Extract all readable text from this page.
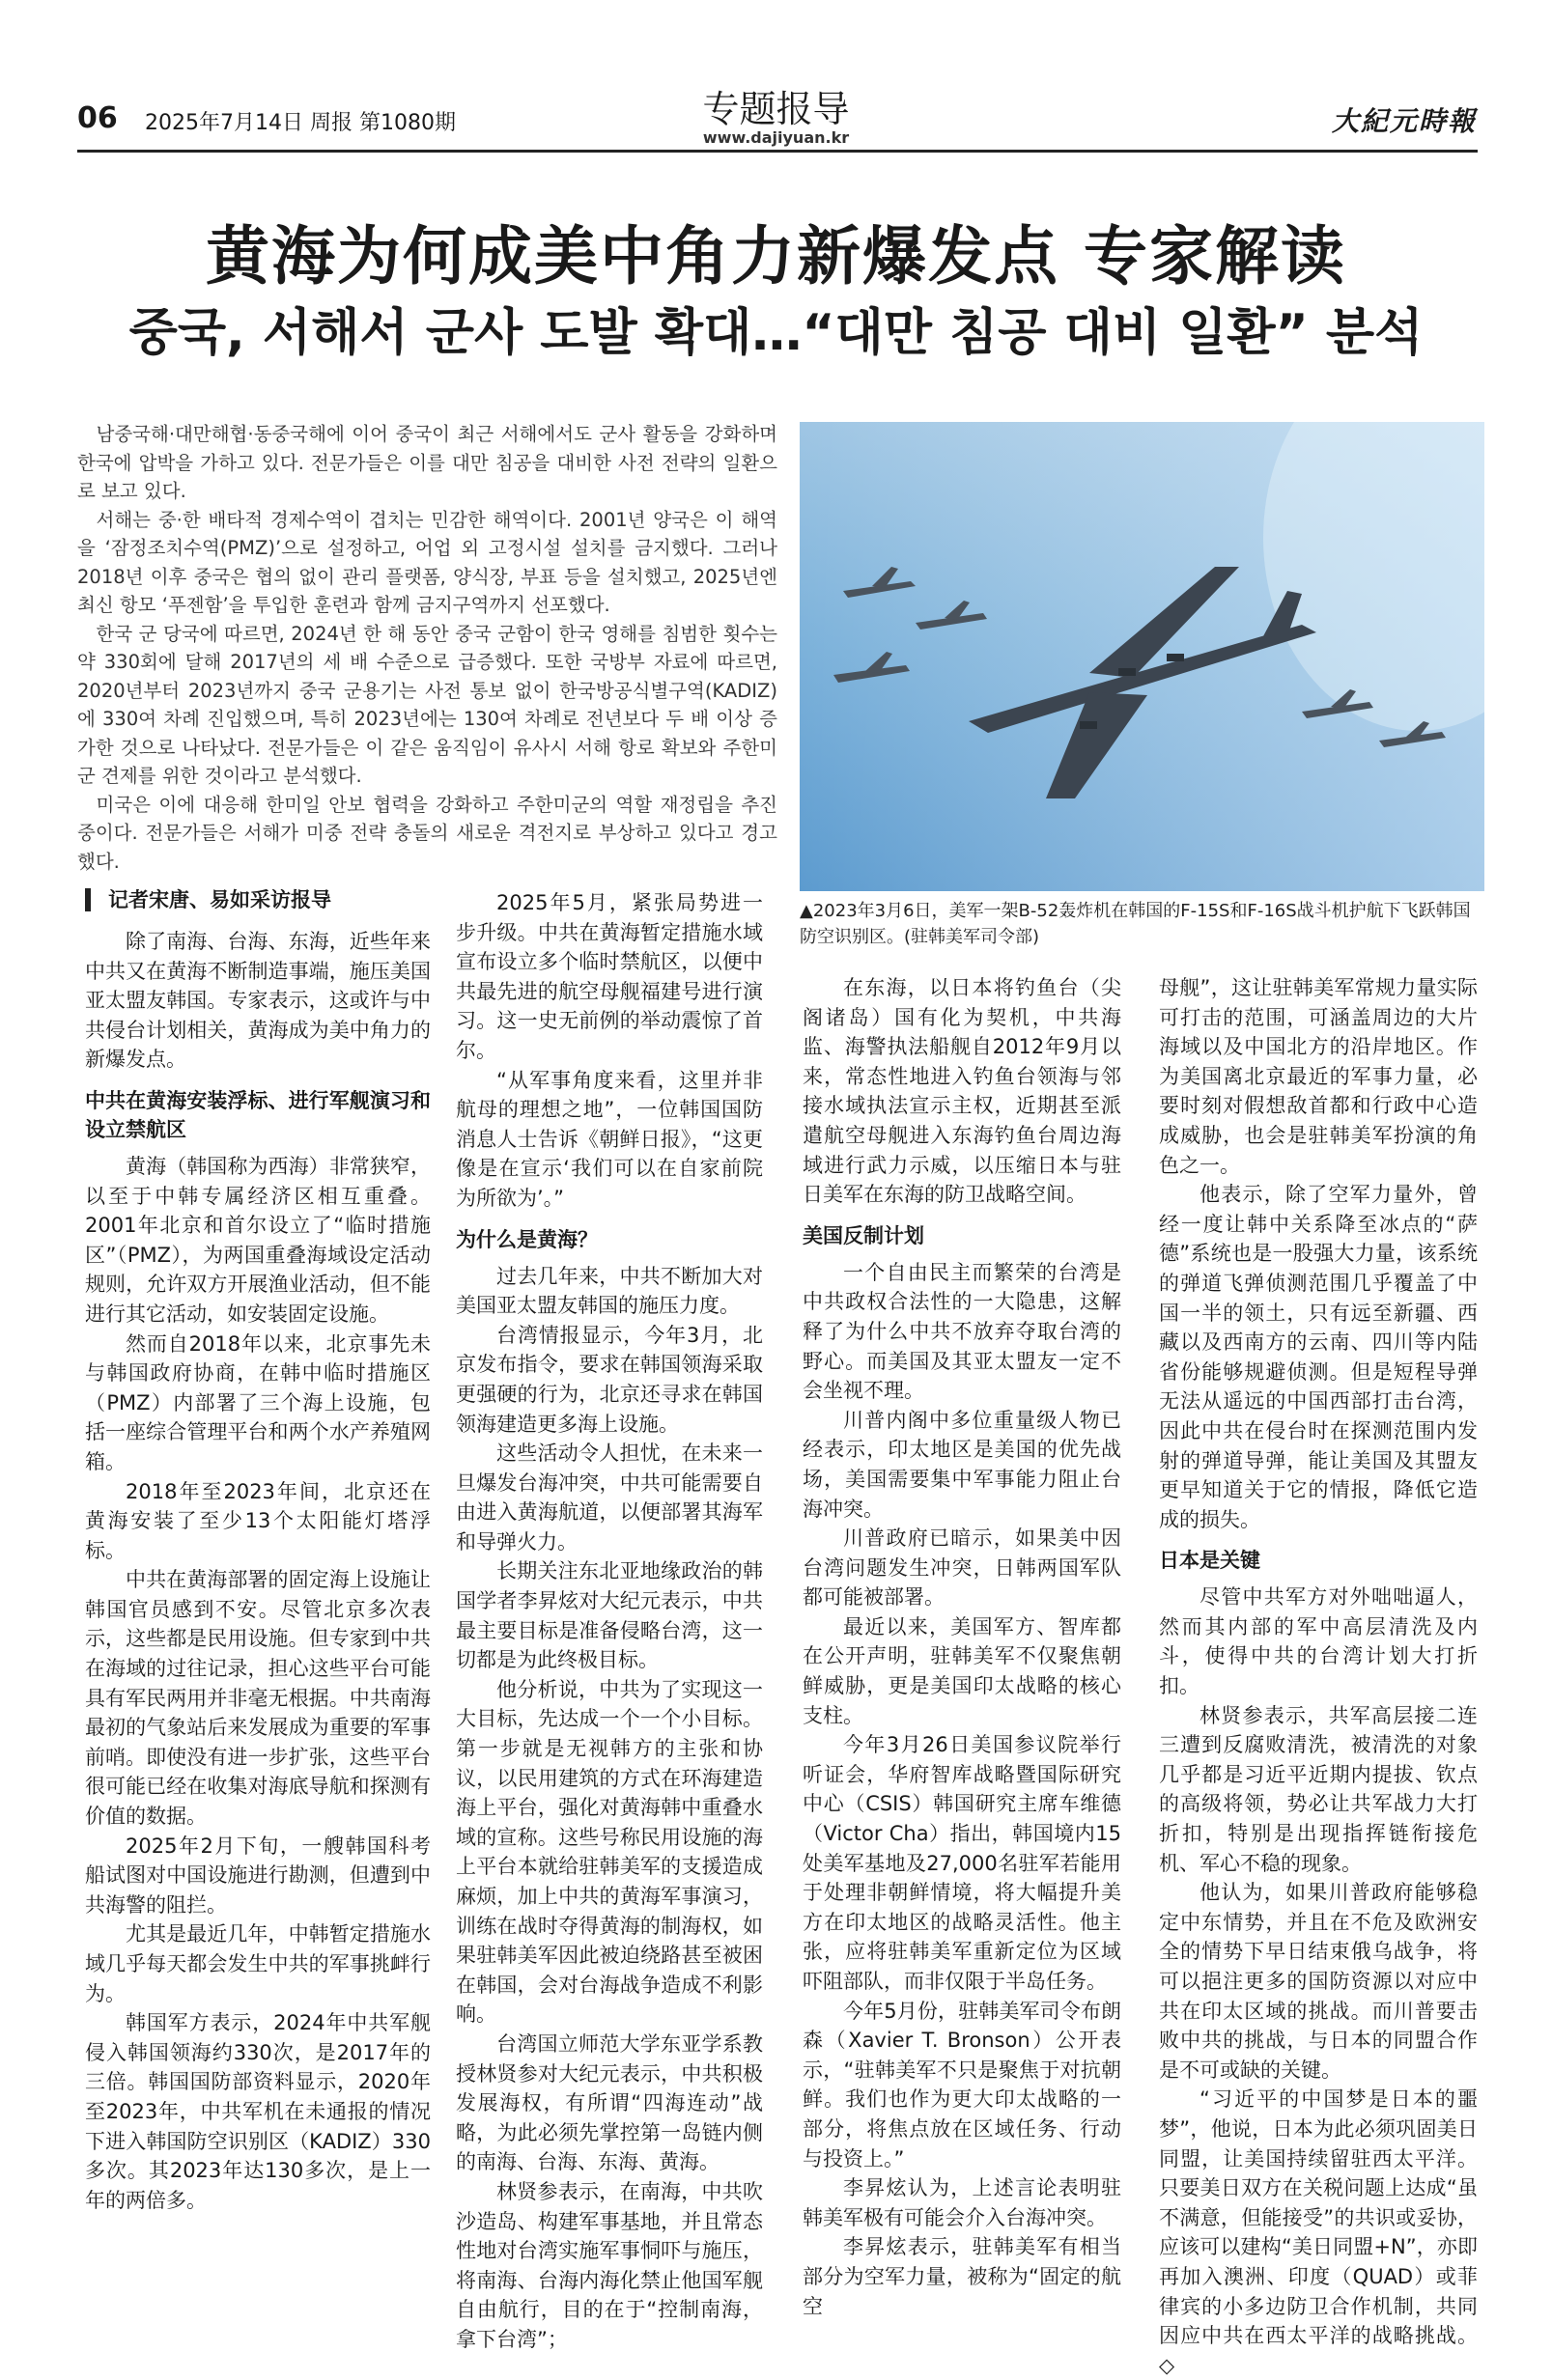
06 2025年7月14日 周报 第1080期	专题报导
www.dajiyuan.kr
大紀元時報
黄海为何成美中角力新爆发点 专家解读
중국, 서해서 군사 도발 확대…“대만 침공 대비 일환” 분석

남중국해·대만해협·동중국해에 이어 중국이 최근 서해에서도 군사 활동을 강화하며 한국에 압박을 가하고 있다. 전문가들은 이를 대만 침공을 대비한 사전 전략의 일환으로 보고 있다.

서해는 중·한 배타적 경제수역이 겹치는 민감한 해역이다. 2001년 양국은 이 해역을 ‘잠정조치수역(PMZ)’으로 설정하고, 어업 외 고정시설 설치를 금지했다. 그러나 2018년 이후 중국은 협의 없이 관리 플랫폼, 양식장, 부표 등을 설치했고, 2025년엔 최신 항모 ‘푸젠함’을 투입한 훈련과 함께 금지구역까지 선포했다.

한국 군 당국에 따르면, 2024년 한 해 동안 중국 군함이 한국 영해를 침범한 횟수는 약 330회에 달해 2017년의 세 배 수준으로 급증했다. 또한 국방부 자료에 따르면, 2020년부터 2023년까지 중국 군용기는 사전 통보 없이 한국방공식별구역(KADIZ)에 330여 차례 진입했으며, 특히 2023년에는 130여 차례로 전년보다 두 배 이상 증가한 것으로 나타났다. 전문가들은 이 같은 움직임이 유사시 서해 항로 확보와 주한미군 견제를 위한 것이라고 분석했다.

미국은 이에 대응해 한미일 안보 협력을 강화하고 주한미군의 역할 재정립을 추진 중이다. 전문가들은 서해가 미중 전략 충돌의 새로운 격전지로 부상하고 있다고 경고했다.

▲2023年3月6日，美军一架B-52轰炸机在韩国的F-15S和F-16S战斗机护航下飞跃韩国防空识别区。(驻韩美军司令部)

记者宋唐、易如采访报导

除了南海、台海、东海，近些年来中共又在黄海不断制造事端，施压美国亚太盟友韩国。专家表示，这或许与中共侵台计划相关，黄海成为美中角力的新爆发点。

中共在黄海安装浮标、进行军舰演习和设立禁航区

黄海（韩国称为西海）非常狭窄，以至于中韩专属经济区相互重叠。2001年北京和首尔设立了“临时措施区”（PMZ），为两国重叠海域设定活动规则，允许双方开展渔业活动，但不能进行其它活动，如安装固定设施。

然而自2018年以来，北京事先未与韩国政府协商，在韩中临时措施区（PMZ）内部署了三个海上设施，包括一座综合管理平台和两个水产养殖网箱。

2018年至2023年间，北京还在黄海安装了至少13个太阳能灯塔浮标。

中共在黄海部署的固定海上设施让韩国官员感到不安。尽管北京多次表示，这些都是民用设施。但专家到中共在海域的过往记录，担心这些平台可能具有军民两用并非毫无根据。中共南海最初的气象站后来发展成为重要的军事前哨。即使没有进一步扩张，这些平台很可能已经在收集对海底导航和探测有价值的数据。

2025年2月下旬，一艘韩国科考船试图对中国设施进行勘测，但遭到中共海警的阻拦。

尤其是最近几年，中韩暂定措施水域几乎每天都会发生中共的军事挑衅行为。

韩国军方表示，2024年中共军舰侵入韩国领海约330次，是2017年的三倍。韩国国防部资料显示，2020年至2023年，中共军机在未通报的情况下进入韩国防空识别区（KADIZ）330多次。其2023年达130多次，是上一年的两倍多。

2025年5月，紧张局势进一步升级。中共在黄海暂定措施水域宣布设立多个临时禁航区，以便中共最先进的航空母舰福建号进行演习。这一史无前例的举动震惊了首尔。

“从军事角度来看，这里并非航母的理想之地”，一位韩国国防消息人士告诉《朝鲜日报》，“这更像是在宣示‘我们可以在自家前院为所欲为’。”

为什么是黄海？

过去几年来，中共不断加大对美国亚太盟友韩国的施压力度。

台湾情报显示，今年3月，北京发布指令，要求在韩国领海采取更强硬的行为，北京还寻求在韩国领海建造更多海上设施。

这些活动令人担忧，在未来一旦爆发台海冲突，中共可能需要自由进入黄海航道，以便部署其海军和导弹火力。

长期关注东北亚地缘政治的韩国学者李昇炫对大纪元表示，中共最主要目标是准备侵略台湾，这一切都是为此终极目标。

他分析说，中共为了实现这一大目标，先达成一个一个小目标。第一步就是无视韩方的主张和协议，以民用建筑的方式在环海建造海上平台，强化对黄海韩中重叠水域的宣称。这些号称民用设施的海上平台本就给驻韩美军的支援造成麻烦，加上中共的黄海军事演习，训练在战时夺得黄海的制海权，如果驻韩美军因此被迫绕路甚至被困在韩国，会对台海战争造成不利影响。

台湾国立师范大学东亚学系教授林贤参对大纪元表示，中共积极发展海权，有所谓“四海连动”战略，为此必须先掌控第一岛链内侧的南海、台海、东海、黄海。

林贤参表示，在南海，中共吹沙造岛、构建军事基地，并且常态性地对台湾实施军事恫吓与施压，将南海、台海内海化禁止他国军舰自由航行，目的在于“控制南海，拿下台湾”；

在东海，以日本将钓鱼台（尖阁诸岛）国有化为契机，中共海监、海警执法船舰自2012年9月以来，常态性地进入钓鱼台领海与邻接水域执法宣示主权，近期甚至派遣航空母舰进入东海钓鱼台周边海域进行武力示威，以压缩日本与驻日美军在东海的防卫战略空间。

美国反制计划

一个自由民主而繁荣的台湾是中共政权合法性的一大隐患，这解释了为什么中共不放弃夺取台湾的野心。而美国及其亚太盟友一定不会坐视不理。

川普内阁中多位重量级人物已经表示，印太地区是美国的优先战场，美国需要集中军事能力阻止台海冲突。

川普政府已暗示，如果美中因台湾问题发生冲突，日韩两国军队都可能被部署。

最近以来，美国军方、智库都在公开声明，驻韩美军不仅聚焦朝鲜威胁，更是美国印太战略的核心支柱。

今年3月26日美国参议院举行听证会，华府智库战略暨国际研究中心（CSIS）韩国研究主席车维德（Victor Cha）指出，韩国境内15处美军基地及27,000名驻军若能用于处理非朝鲜情境，将大幅提升美方在印太地区的战略灵活性。他主张，应将驻韩美军重新定位为区域吓阻部队，而非仅限于半岛任务。

今年5月份，驻韩美军司令布朗森（Xavier T. Bronson）公开表示，“驻韩美军不只是聚焦于对抗朝鲜。我们也作为更大印太战略的一部分，将焦点放在区域任务、行动与投资上。”

李昇炫认为，上述言论表明驻韩美军极有可能会介入台海冲突。

李昇炫表示，驻韩美军有相当部分为空军力量，被称为“固定的航空

母舰”，这让驻韩美军常规力量实际可打击的范围，可涵盖周边的大片海域以及中国北方的沿岸地区。作为美国离北京最近的军事力量，必要时刻对假想敌首都和行政中心造成威胁，也会是驻韩美军扮演的角色之一。

他表示，除了空军力量外，曾经一度让韩中关系降至冰点的“萨德”系统也是一股强大力量，该系统的弹道飞弹侦测范围几乎覆盖了中国一半的领土，只有远至新疆、西藏以及西南方的云南、四川等内陆省份能够规避侦测。但是短程导弹无法从遥远的中国西部打击台湾，因此中共在侵台时在探测范围内发射的弹道导弹，能让美国及其盟友更早知道关于它的情报，降低它造成的损失。

日本是关键

尽管中共军方对外咄咄逼人，然而其内部的军中高层清洗及内斗，使得中共的台湾计划大打折扣。

林贤参表示，共军高层接二连三遭到反腐败清洗，被清洗的对象几乎都是习近平近期内提拔、钦点的高级将领，势必让共军战力大打折扣，特别是出现指挥链衔接危机、军心不稳的现象。

他认为，如果川普政府能够稳定中东情势，并且在不危及欧洲安全的情势下早日结束俄乌战争，将可以挹注更多的国防资源以对应中共在印太区域的挑战。而川普要击败中共的挑战，与日本的同盟合作是不可或缺的关键。

“习近平的中国梦是日本的噩梦”，他说，日本为此必须巩固美日同盟，让美国持续留驻西太平洋。只要美日双方在关税问题上达成“虽不满意，但能接受”的共识或妥协，应该可以建构“美日同盟+N”，亦即再加入澳洲、印度（QUAD）或菲律宾的小多边防卫合作机制，共同因应中共在西太平洋的战略挑战。◇
